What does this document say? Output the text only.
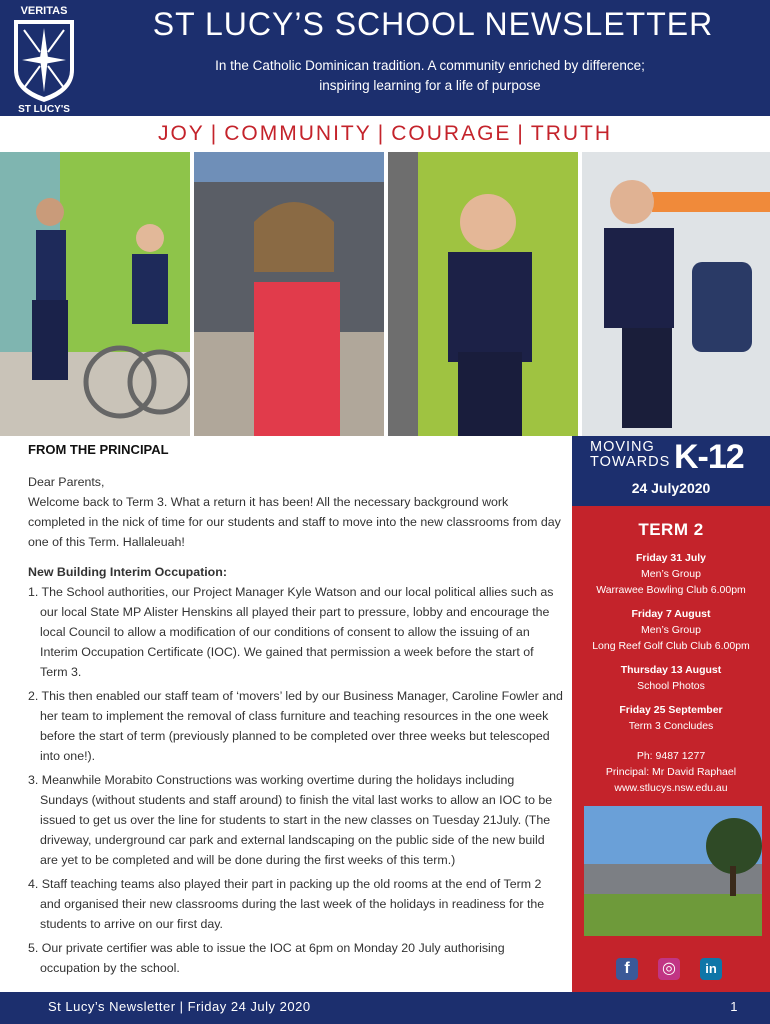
VERITAS
ST LUCY'S
ST LUCY’S SCHOOL NEWSLETTER
In the Catholic Dominican tradition. A community enriched by difference;
inspiring learning for a life of purpose
JOY | COMMUNITY | COURAGE | TRUTH
FROM THE PRINCIPAL

Dear Parents,

Welcome back to Term 3. What a return it has been! All the necessary background work completed in the nick of time for our students and staff to move into the new classrooms from day one of this Term. Hallaleuah!

New Building Interim Occupation:

1. The School authorities, our Project Manager Kyle Watson and our local political allies such as our local State MP Alister Henskins all played their part to pressure, lobby and encourage the local Council to allow a modification of our conditions of consent to allow the issuing of an Interim Occupation Certificate (IOC). We gained that permission a week before the start of Term 3.
2. This then enabled our staff team of ‘movers’ led by our Business Manager, Caroline Fowler and her team to implement the removal of class furniture and teaching resources in the one week before the start of term (previously planned to be completed over three weeks but telescoped into one!).
3. Meanwhile Morabito Constructions was working overtime during the holidays including Sundays (without students and staff around) to finish the vital last works to allow an IOC to be issued to get us over the line for students to start in the new classes on Tuesday 21July. (The driveway, underground car park and external landscaping on the public side of the new build are yet to be completed and will be done during the first weeks of this term.)
4. Staff teaching teams also played their part in packing up the old rooms at the end of Term 2 and organised their new classrooms during the last week of the holidays in readiness for the students to arrive on our first day.
5. Our private certifier was able to issue the IOC at 6pm on Monday 20 July authorising occupation by the school.
MOVING
TOWARDS K-12
24 July2020
TERM 2
Friday 31 July
Men’s Group
Warrawee Bowling Club 6.00pm
Friday 7 August
Men’s Group
Long Reef Golf Club Club 6.00pm
Thursday 13 August
School Photos
Friday 25 September
Term 3 Concludes
Ph: 9487 1277
Principal: Mr David Raphael
www.stlucys.nsw.edu.au
f	◎	in
St Lucy’s Newsletter | Friday 24 July 2020	1
